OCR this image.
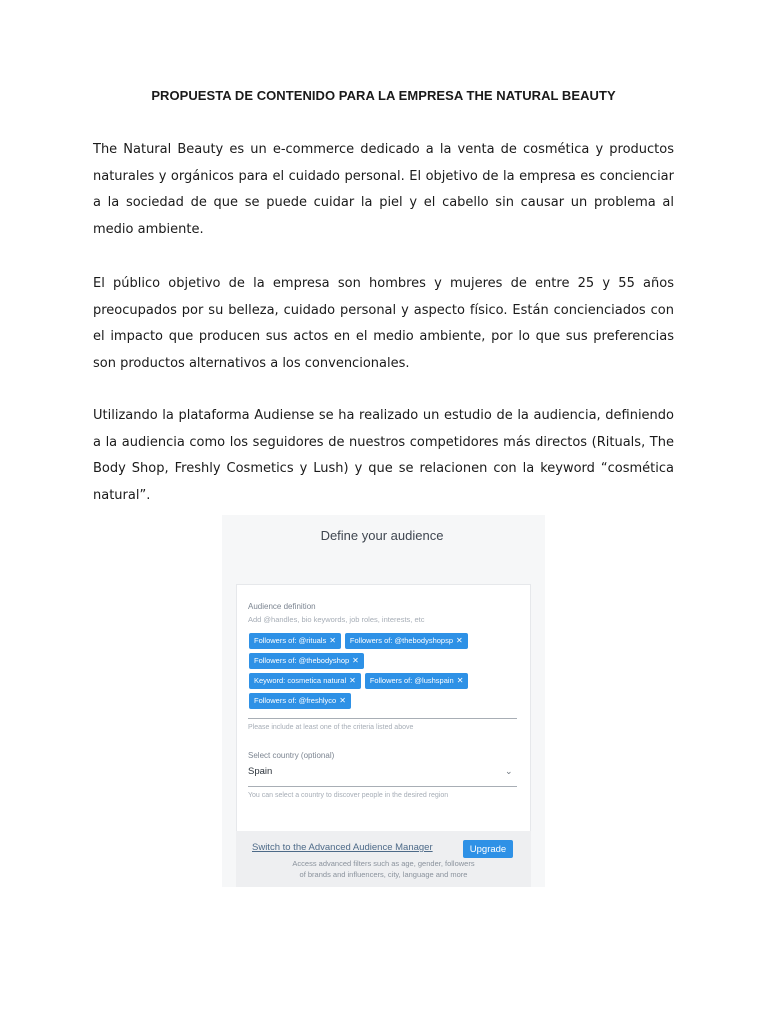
PROPUESTA DE CONTENIDO PARA LA EMPRESA THE NATURAL BEAUTY

The Natural Beauty es un e-commerce dedicado a la venta de cosmética y productos naturales y orgánicos para el cuidado personal. El objetivo de la empresa es concienciar a la sociedad de que se puede cuidar la piel y el cabello sin causar un problema al medio ambiente.

El público objetivo de la empresa son hombres y mujeres de entre 25 y 55 años preocupados por su belleza, cuidado personal y aspecto físico. Están concienciados con el impacto que producen sus actos en el medio ambiente, por lo que sus preferencias son productos alternativos a los convencionales.

Utilizando la plataforma Audiense se ha realizado un estudio de la audiencia, definiendo a la audiencia como los seguidores de nuestros competidores más directos (Rituals, The Body Shop, Freshly Cosmetics y Lush) y que se relacionen con la keyword “cosmética natural”.

Define your audience
Audience definition
Add @handles, bio keywords, job roles, interests, etc
Followers of: @rituals ✕ Followers of: @thebodyshopsp ✕
Followers of: @thebodyshop ✕
Keyword: cosmetica natural ✕ Followers of: @lushspain ✕
Followers of: @freshlyco ✕
Please include at least one of the criteria listed above
Select country (optional)
Spain	⌄
You can select a country to discover people in the desired region
Switch to the Advanced Audience Manager	Upgrade
Access advanced filters such as age, gender, followers
of brands and influencers, city, language and more
